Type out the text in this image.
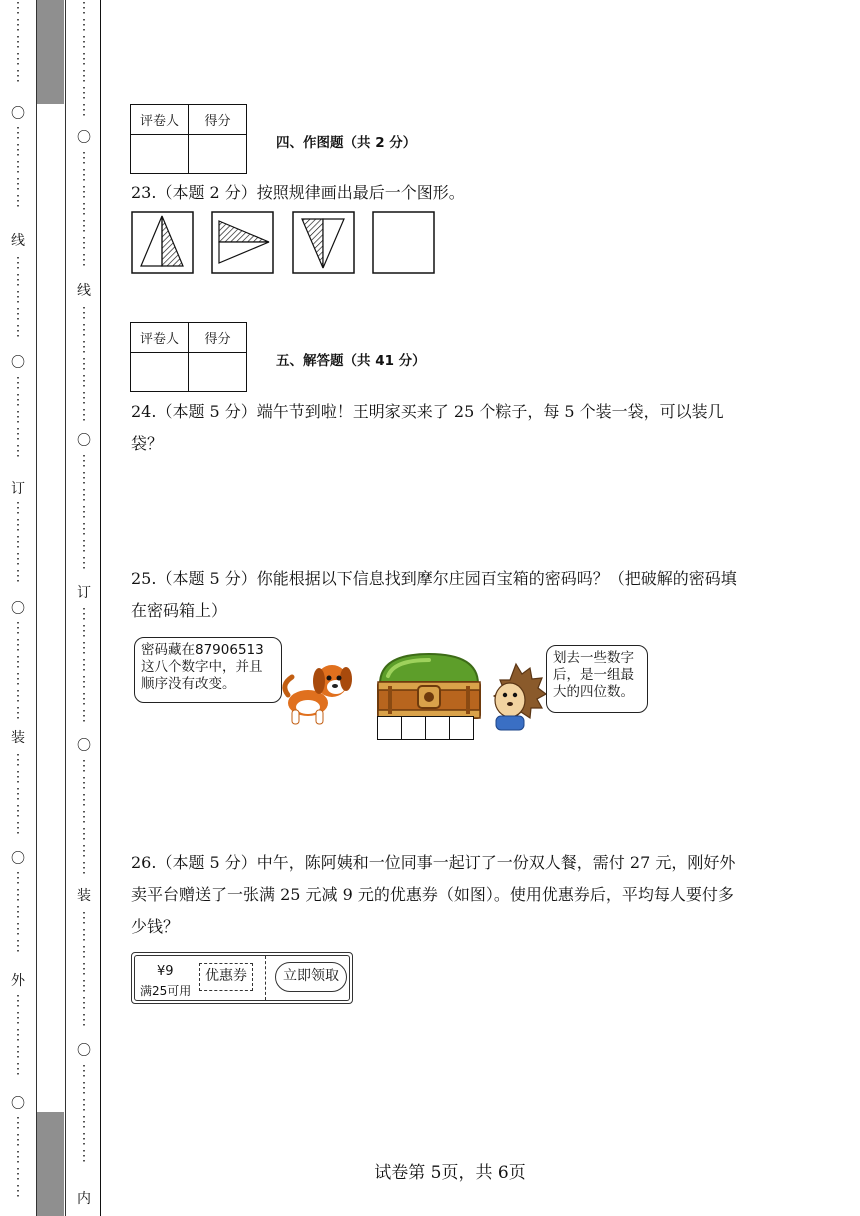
⋮
⋮
⋮
⋮
⋮
〇
⋮
⋮
⋮
⋮
⋮
线
⋮
⋮
⋮
⋮
⋮
〇
⋮
⋮
⋮
⋮
⋮
订
⋮
⋮
⋮
⋮
⋮
〇
⋮
⋮
⋮
⋮
⋮
⋮
装
⋮
⋮
⋮
⋮
⋮
〇
⋮
⋮
⋮
⋮
⋮
外
⋮
⋮
⋮
⋮
⋮
〇
⋮
⋮
⋮
⋮
⋮
⋮
⋮
⋮
⋮
⋮
⋮
⋮
〇
⋮
⋮
⋮
⋮
⋮
⋮
⋮
线
⋮
⋮
⋮
⋮
⋮
⋮
⋮
〇
⋮
⋮
⋮
⋮
⋮
⋮
⋮
订
⋮
⋮
⋮
⋮
⋮
⋮
⋮
〇
⋮
⋮
⋮
⋮
⋮
⋮
⋮
装
⋮
⋮
⋮
⋮
⋮
⋮
⋮
〇
⋮
⋮
⋮
⋮
⋮
⋮
内
评卷人	得分

四、作图题（共 2 分）
23.（本题 2 分）按照规律画出最后一个图形。
评卷人	得分

五、解答题（共 41 分）
24.（本题 5 分）端午节到啦！王明家买来了 25 个粽子，每 5 个装一袋，可以装几袋？
25.（本题 5 分）你能根据以下信息找到摩尔庄园百宝箱的密码吗？（把破解的密码填在密码箱上）
密码藏在87906513这八个数字中，并且顺序没有改变。
划去一些数字后，是一组最大的四位数。
26.（本题 5 分）中午，陈阿姨和一位同事一起订了一份双人餐，需付 27 元，刚好外卖平台赠送了一张满 25 元减 9 元的优惠券（如图）。使用优惠券后，平均每人要付多少钱？
¥9
满25可用
优惠券	立即领取
试卷第 5页，共 6页
